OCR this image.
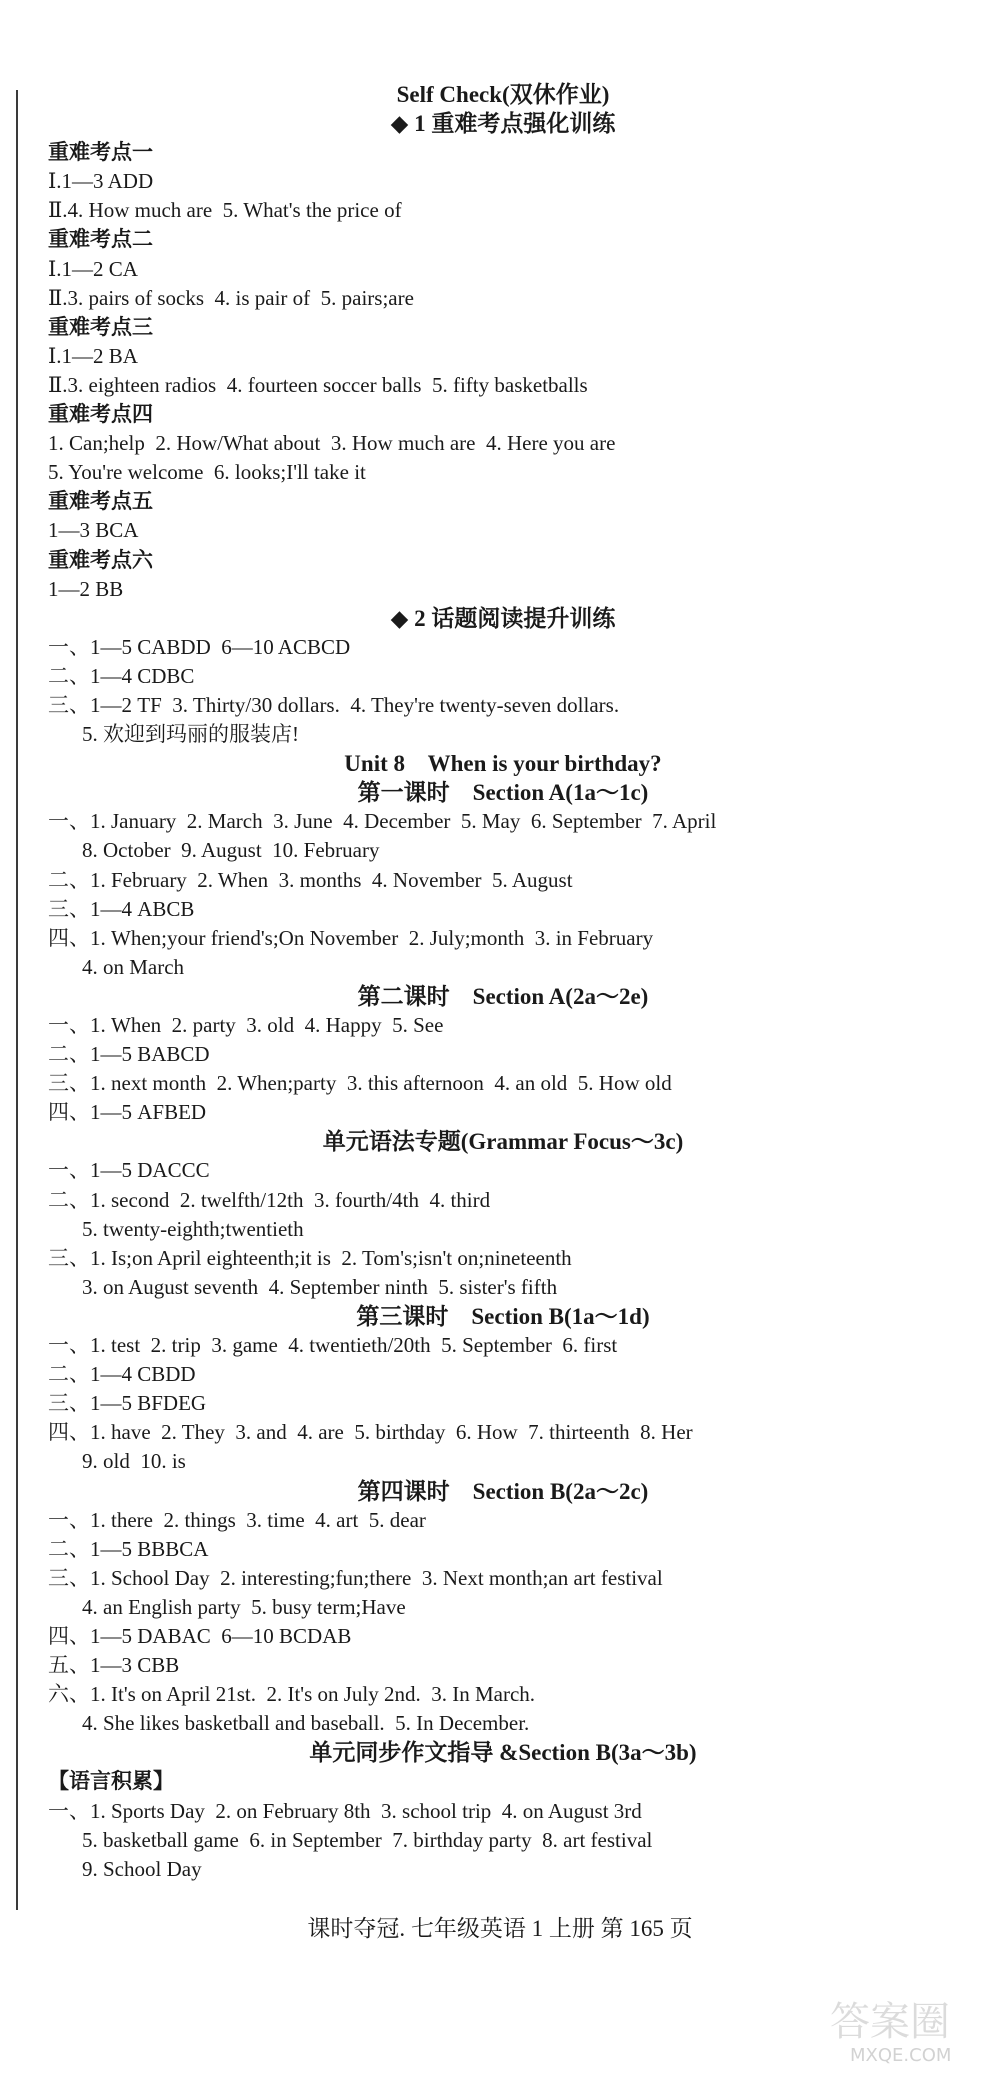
Self Check(双休作业)
◆ 1 重难考点强化训练
重难考点一
Ⅰ.1—3 ADD
Ⅱ.4. How much are  5. What's the price of
重难考点二
Ⅰ.1—2 CA
Ⅱ.3. pairs of socks  4. is pair of  5. pairs;are
重难考点三
Ⅰ.1—2 BA
Ⅱ.3. eighteen radios  4. fourteen soccer balls  5. fifty basketballs
重难考点四
1. Can;help  2. How/What about  3. How much are  4. Here you are
5. You're welcome  6. looks;I'll take it
重难考点五
1—3 BCA
重难考点六
1—2 BB
◆ 2 话题阅读提升训练
一、1—5 CABDD  6—10 ACBCD
二、1—4 CDBC
三、1—2 TF  3. Thirty/30 dollars.  4. They're twenty-seven dollars.
5. 欢迎到玛丽的服装店!
Unit 8    When is your birthday?
第一课时    Section A(1a～1c)
一、1. January  2. March  3. June  4. December  5. May  6. September  7. April
8. October  9. August  10. February
二、1. February  2. When  3. months  4. November  5. August
三、1—4 ABCB
四、1. When;your friend's;On November  2. July;month  3. in February
4. on March
第二课时    Section A(2a～2e)
一、1. When  2. party  3. old  4. Happy  5. See
二、1—5 BABCD
三、1. next month  2. When;party  3. this afternoon  4. an old  5. How old
四、1—5 AFBED
单元语法专题(Grammar Focus～3c)
一、1—5 DACCC
二、1. second  2. twelfth/12th  3. fourth/4th  4. third
5. twenty-eighth;twentieth
三、1. Is;on April eighteenth;it is  2. Tom's;isn't on;nineteenth
3. on August seventh  4. September ninth  5. sister's fifth
第三课时    Section B(1a～1d)
一、1. test  2. trip  3. game  4. twentieth/20th  5. September  6. first
二、1—4 CBDD
三、1—5 BFDEG
四、1. have  2. They  3. and  4. are  5. birthday  6. How  7. thirteenth  8. Her
9. old  10. is
第四课时    Section B(2a～2c)
一、1. there  2. things  3. time  4. art  5. dear
二、1—5 BBBCA
三、1. School Day  2. interesting;fun;there  3. Next month;an art festival
4. an English party  5. busy term;Have
四、1—5 DABAC  6—10 BCDAB
五、1—3 CBB
六、1. It's on April 21st.  2. It's on July 2nd.  3. In March.
4. She likes basketball and baseball.  5. In December.
单元同步作文指导 &Section B(3a～3b)
【语言积累】
一、1. Sports Day  2. on February 8th  3. school trip  4. on August 3rd
5. basketball game  6. in September  7. birthday party  8. art festival
9. School Day
课时夺冠. 七年级英语 1 上册 第 165 页
答案圈
MXQE.COM
